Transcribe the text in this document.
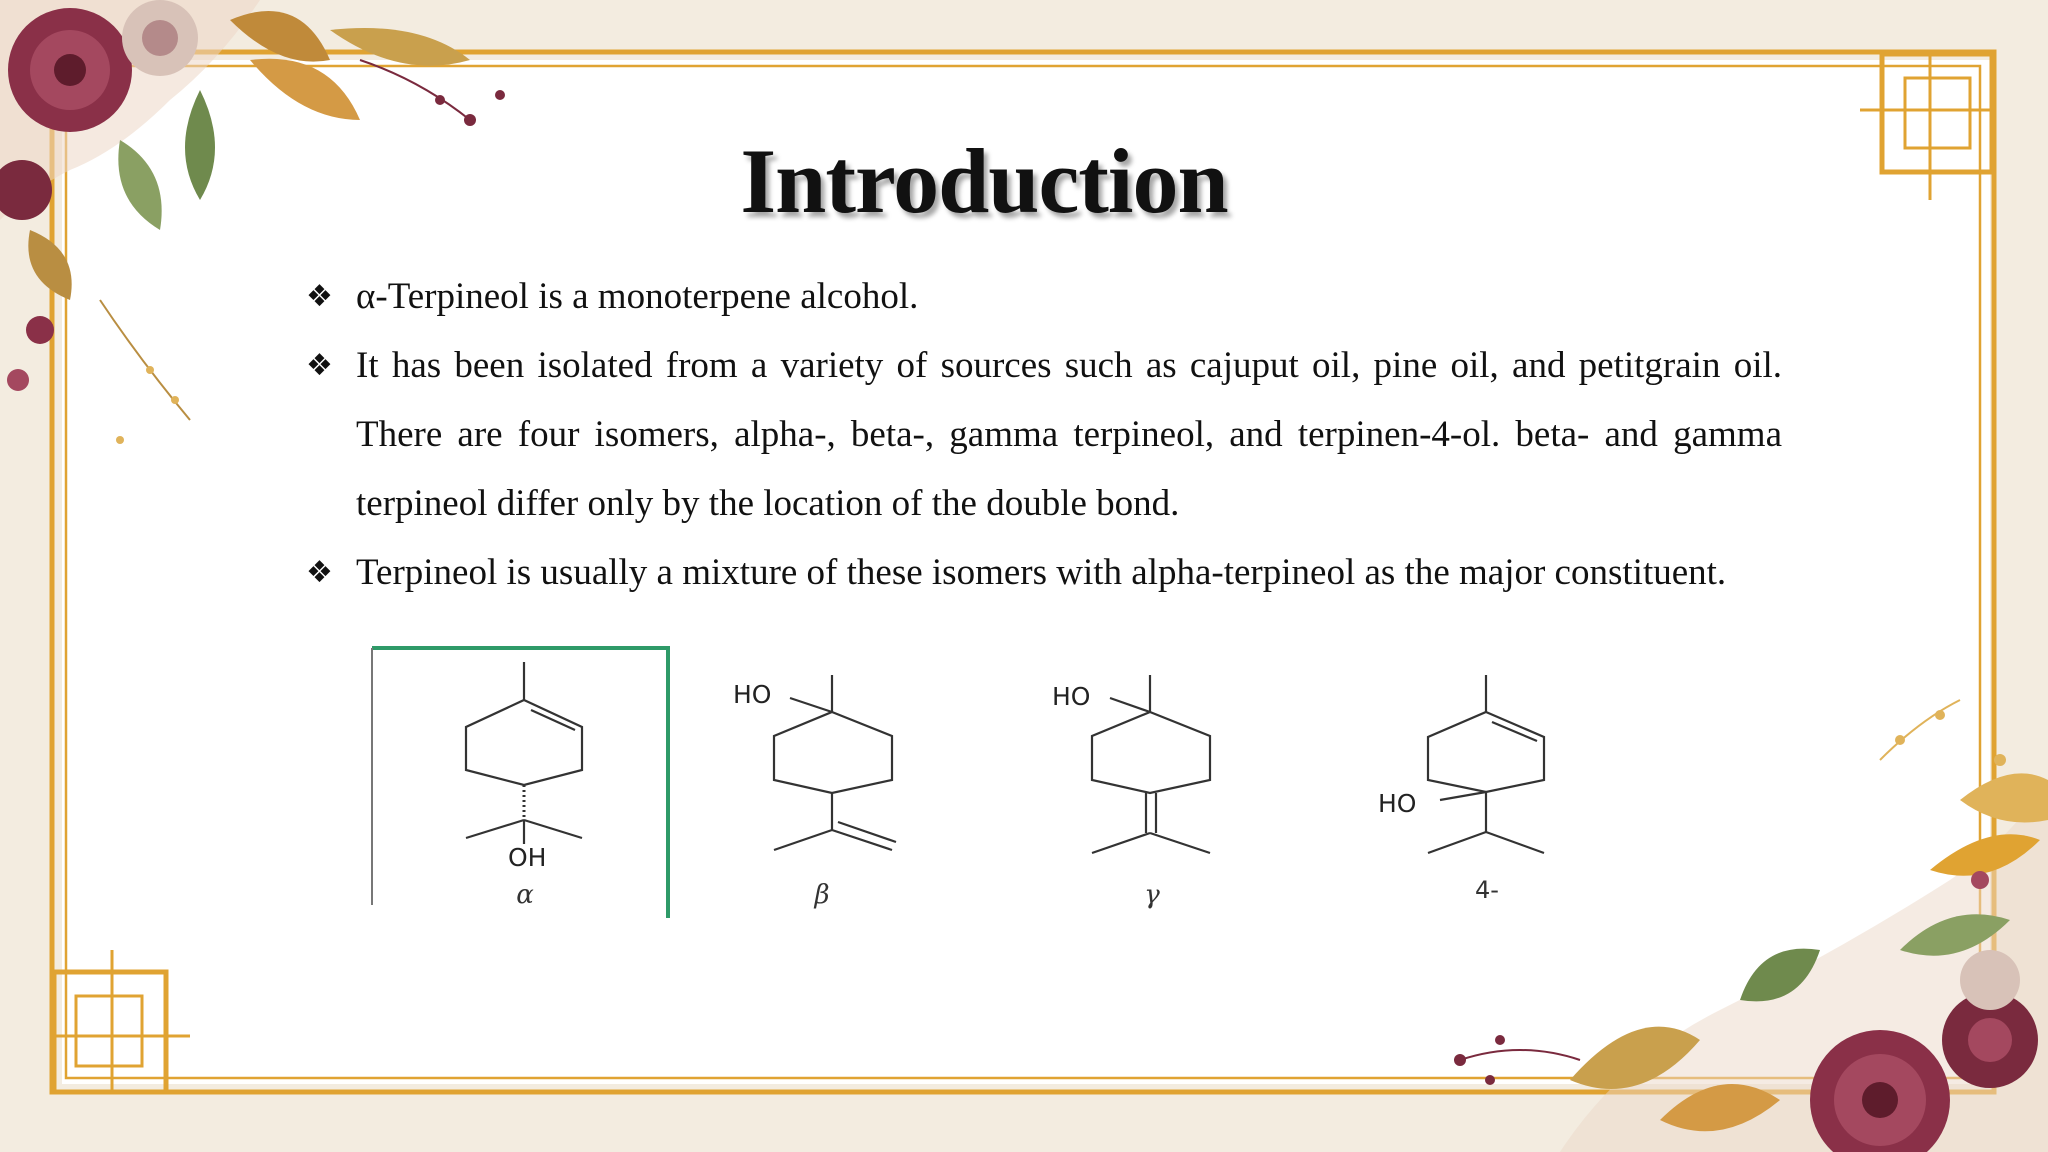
Introduction
❖ α-Terpineol is a monoterpene alcohol.
❖ It has been isolated from a variety of sources such as cajuput oil, pine oil, and petitgrain oil. There are four isomers, alpha-, beta-, gamma terpineol, and terpinen-4-ol. beta- and gamma terpineol differ only by the location of the double bond.
❖ Terpineol is usually a mixture of these isomers with alpha-terpineol as the major constituent.
OH
HO	HO
HO
α	β	γ	4-
